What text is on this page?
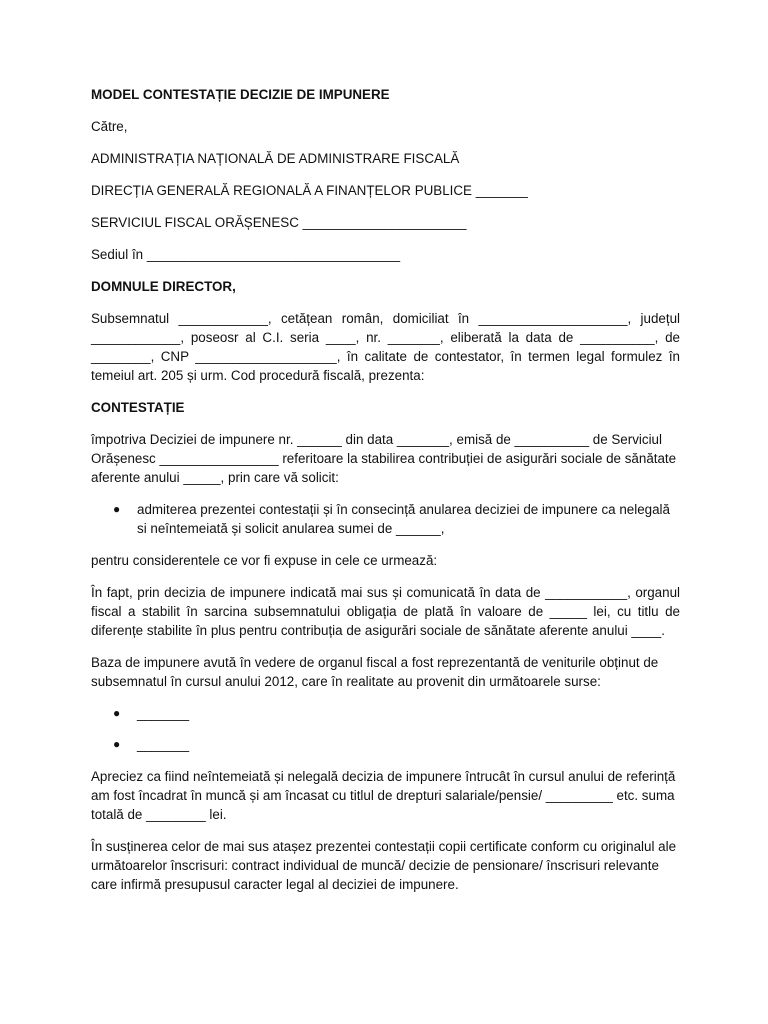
MODEL CONTESTAȚIE DECIZIE DE IMPUNERE

Către,

ADMINISTRAȚIA NAȚIONALĂ DE ADMINISTRARE FISCALĂ

DIRECȚIA GENERALĂ REGIONALĂ A FINANȚELOR PUBLICE _______

SERVICIUL FISCAL ORĂȘENESC ______________________

Sediul în __________________________________

DOMNULE DIRECTOR,

Subsemnatul ____________, cetățean român, domiciliat în ____________________, județul ____________, poseosr al C.I. seria ____, nr. _______, eliberată la data de __________, de ________, CNP ___________________, în calitate de contestator, în termen legal formulez în temeiul art. 205 și urm. Cod procedură fiscală, prezenta:

CONTESTAȚIE

împotriva Deciziei de impunere nr. ______ din data _______, emisă de __________ de Serviciul Orășenesc ________________ referitoare la stabilirea contribuției de asigurări sociale de sănătate aferente anului _____, prin care vă solicit:

● admiterea prezentei contestații și în consecință anularea deciziei de impunere ca nelegală si neîntemeiată și solicit anularea sumei de ______,

pentru considerentele ce vor fi expuse in cele ce urmează:

În fapt, prin decizia de impunere indicată mai sus și comunicată în data de ___________, organul fiscal a stabilit în sarcina subsemnatului obligația de plată în valoare de _____ lei, cu titlu de diferențe stabilite în plus pentru contribuția de asigurări sociale de sănătate aferente anului ____.

Baza de impunere avută în vedere de organul fiscal a fost reprezentantă de veniturile obținut de subsemnatul în cursul anului 2012, care în realitate au provenit din următoarele surse:

● _______
● _______

Apreciez ca fiind neîntemeiată și nelegală decizia de impunere întrucât în cursul anului de referință am fost încadrat în muncă și am încasat cu titlul de drepturi salariale/pensie/ _________ etc. suma totală de ________ lei.

În susținerea celor de mai sus atașez prezentei contestații copii certificate conform cu originalul ale următoarelor înscrisuri: contract individual de muncă/ decizie de pensionare/ înscrisuri relevante care infirmă presupusul caracter legal al deciziei de impunere.
